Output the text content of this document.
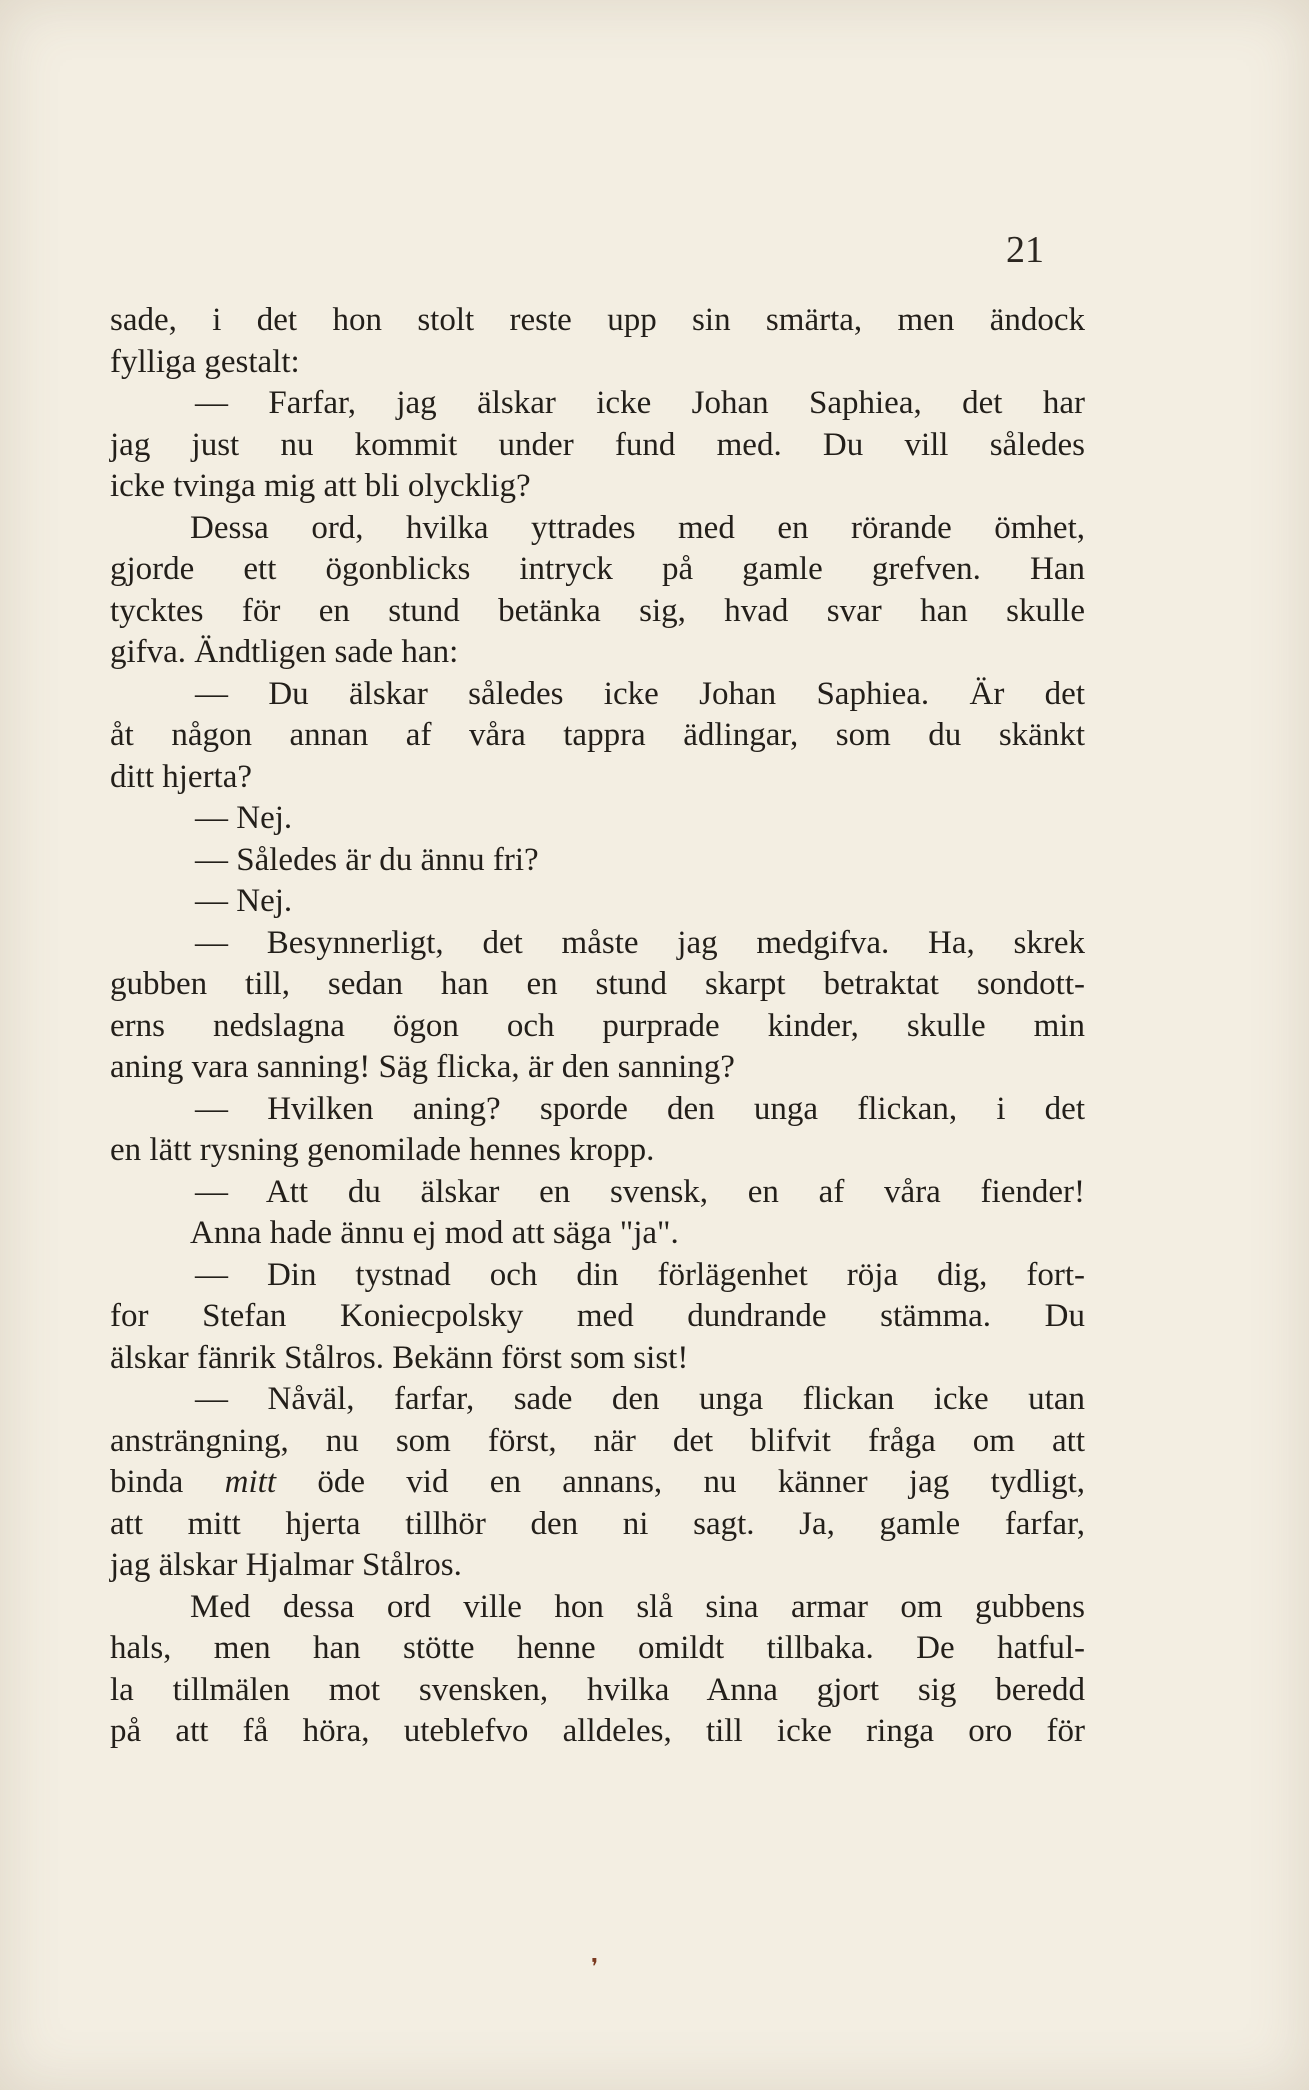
21
sade, i det hon stolt reste upp sin smärta, men ändock
fylliga gestalt:
— Farfar, jag älskar icke Johan Saphiea, det har
jag just nu kommit under fund med. Du vill således
icke tvinga mig att bli olycklig?
Dessa ord, hvilka yttrades med en rörande ömhet,
gjorde ett ögonblicks intryck på gamle grefven. Han
tycktes för en stund betänka sig, hvad svar han skulle
gifva. Ändtligen sade han:
— Du älskar således icke Johan Saphiea. Är det
åt någon annan af våra tappra ädlingar, som du skänkt
ditt hjerta?
— Nej.
— Således är du ännu fri?
— Nej.
— Besynnerligt, det måste jag medgifva. Ha, skrek
gubben till, sedan han en stund skarpt betraktat sondott-
erns nedslagna ögon och purprade kinder, skulle min
aning vara sanning! Säg flicka, är den sanning?
— Hvilken aning? sporde den unga flickan, i det
en lätt rysning genomilade hennes kropp.
— Att du älskar en svensk, en af våra fiender!
Anna hade ännu ej mod att säga "ja".
— Din tystnad och din förlägenhet röja dig, fort-
for Stefan Koniecpolsky med dundrande stämma. Du
älskar fänrik Stålros. Bekänn först som sist!
— Nåväl, farfar, sade den unga flickan icke utan
ansträngning, nu som först, när det blifvit fråga om att
binda mitt öde vid en annans, nu känner jag tydligt,
att mitt hjerta tillhör den ni sagt. Ja, gamle farfar,
jag älskar Hjalmar Stålros.
Med dessa ord ville hon slå sina armar om gubbens
hals, men han stötte henne omildt tillbaka. De hatful-
la tillmälen mot svensken, hvilka Anna gjort sig beredd
på att få höra, uteblefvo alldeles, till icke ringa oro för
❜
